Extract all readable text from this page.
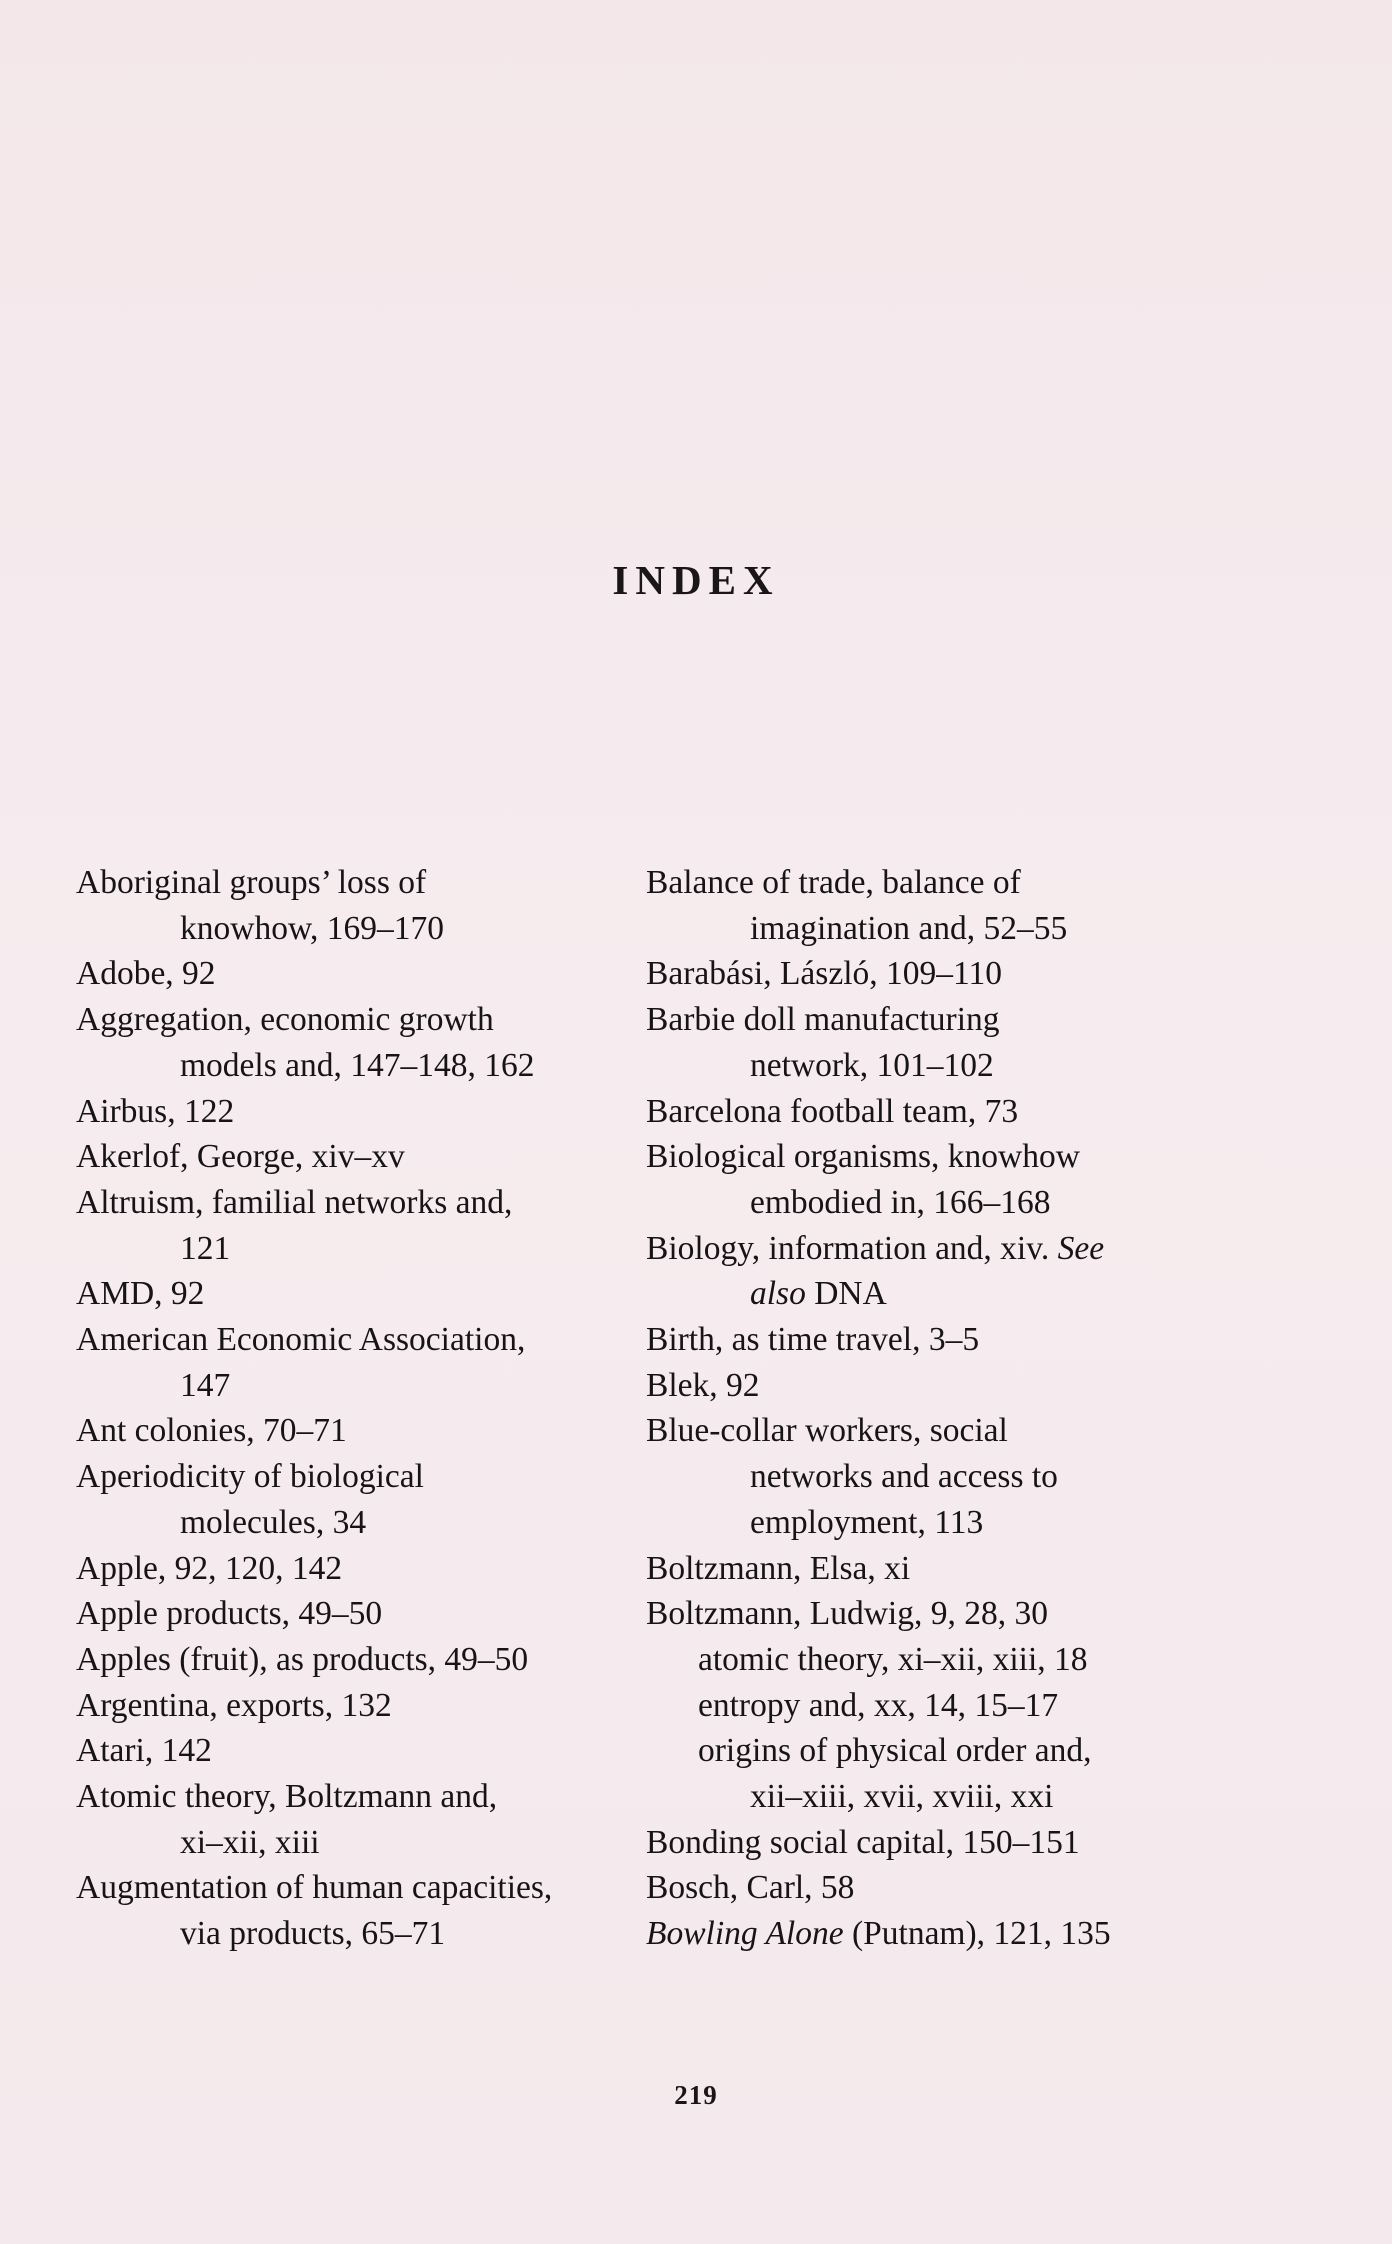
INDEX
Aboriginal groups’ loss of
knowhow, 169–170
Adobe, 92
Aggregation, economic growth
models and, 147–148, 162
Airbus, 122
Akerlof, George, xiv–xv
Altruism, familial networks and,
121
AMD, 92
American Economic Association,
147
Ant colonies, 70–71
Aperiodicity of biological
molecules, 34
Apple, 92, 120, 142
Apple products, 49–50
Apples (fruit), as products, 49–50
Argentina, exports, 132
Atari, 142
Atomic theory, Boltzmann and,
xi–xii, xiii
Augmentation of human capacities,
via products, 65–71
Balance of trade, balance of
imagination and, 52–55
Barabási, László, 109–110
Barbie doll manufacturing
network, 101–102
Barcelona football team, 73
Biological organisms, knowhow
embodied in, 166–168
Biology, information and, xiv. See
also DNA
Birth, as time travel, 3–5
Blek, 92
Blue-collar workers, social
networks and access to
employment, 113
Boltzmann, Elsa, xi
Boltzmann, Ludwig, 9, 28, 30
atomic theory, xi–xii, xiii, 18
entropy and, xx, 14, 15–17
origins of physical order and,
xii–xiii, xvii, xviii, xxi
Bonding social capital, 150–151
Bosch, Carl, 58
Bowling Alone (Putnam), 121, 135
219
